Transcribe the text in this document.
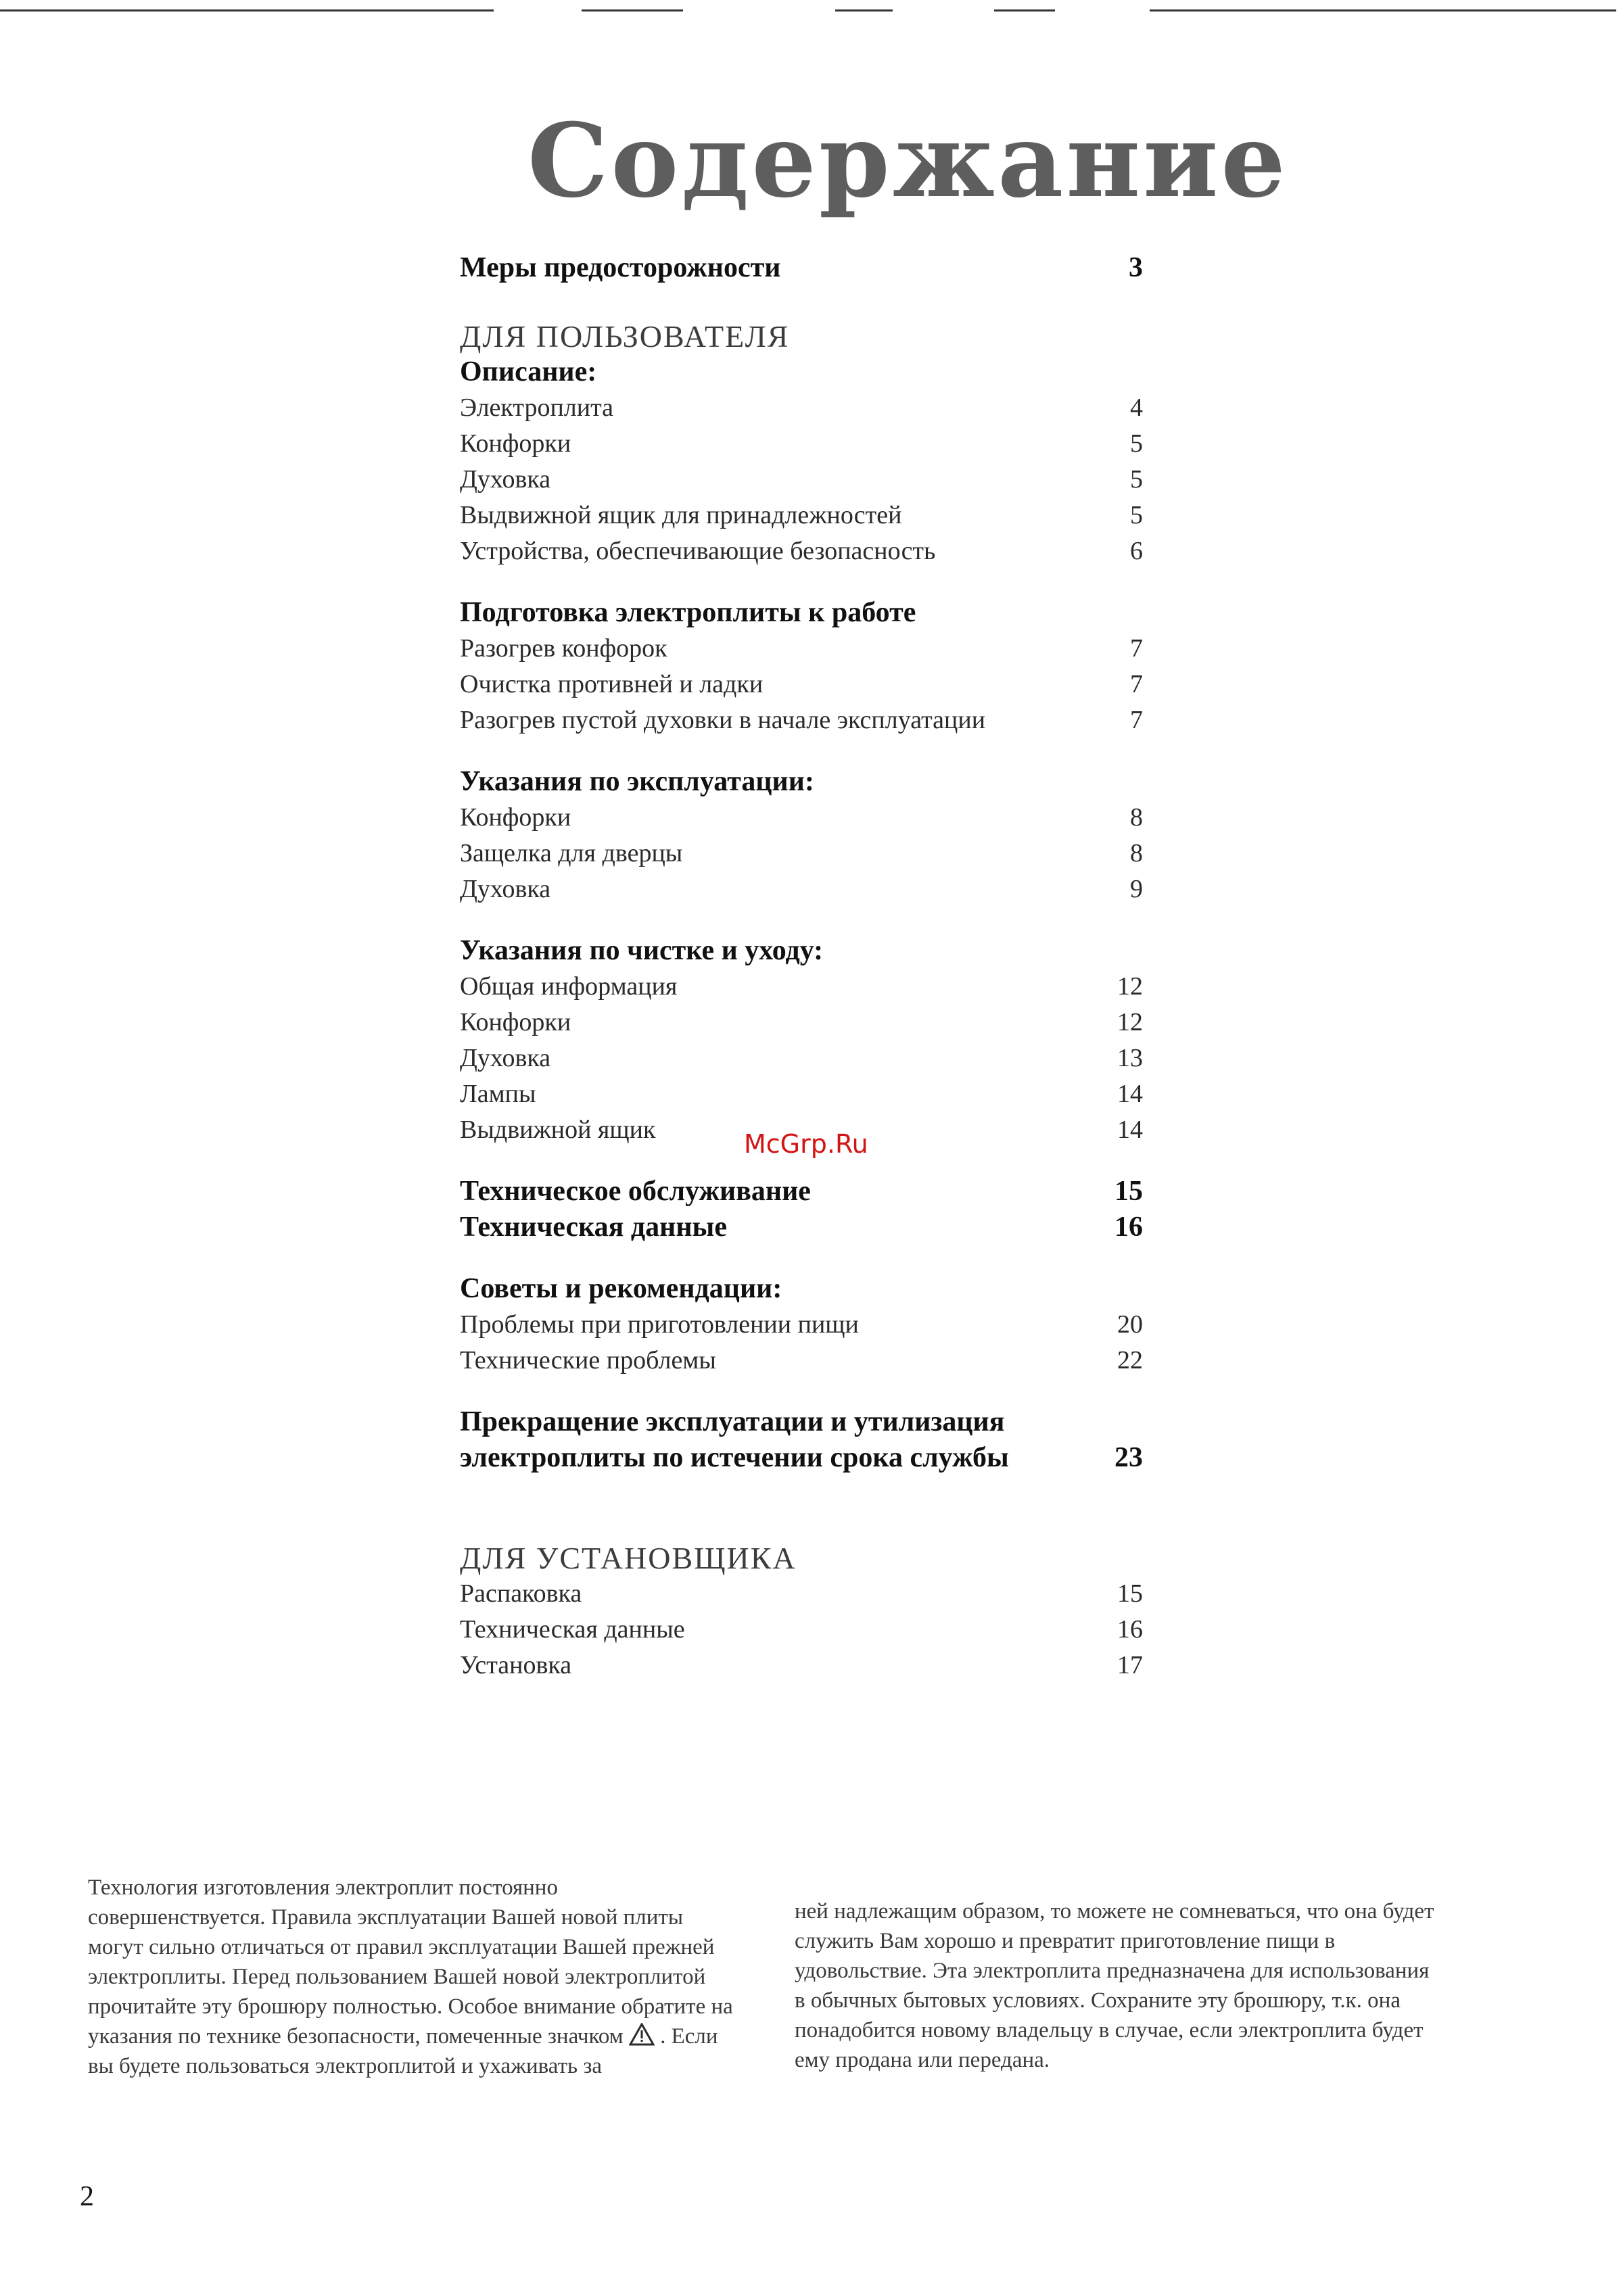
Содержание
Меры предосторожности	3
ДЛЯ ПОЛЬЗОВАТЕЛЯ
Описание:
Электроплита	4
Конфорки	5
Духовка	5
Выдвижной ящик для принадлежностей	5
Устройства, обеспечивающие безопасность	6
Подготовка электроплиты к работе
Разогрев конфорок	7
Очистка противней и ладки	7
Разогрев пустой духовки в начале эксплуатации	7
Указания по эксплуатации:
Конфорки	8
Защелка для дверцы	8
Духовка	9
Указания по чистке и уходу:
Общая информация	12
Конфорки	12
Духовка	13
Лампы	14
Выдвижной ящик	14
Техническое обслуживание	15
Техническая данные	16
Советы и рекомендации:
Проблемы при приготовлении пищи	20
Технические проблемы	22
Прекращение эксплуатации и утилизация
электроплиты по истечении срока службы	23
ДЛЯ УСТАНОВЩИКА
Распаковка	15
Техническая данные	16
Установка	17
McGrp.Ru

Технология изготовления электроплит постоянно совершенствуется. Правила эксплуатации Вашей новой плиты могут сильно отличаться от правил эксплуатации Вашей прежней электроплиты. Перед пользованием Вашей новой электроплитой прочитайте эту брошюру полностью. Особое внимание обратите на указания по технике безопасности, помеченные значком . Если вы будете пользоваться электроплитой и ухаживать за

ней надлежащим образом, то можете не сомневаться, что она будет служить Вам хорошо и превратит приготовление пищи в удовольствие. Эта электроплита предназначена для использования в обычных бытовых условиях. Сохраните эту брошюру, т.к. она понадобится новому владельцу в случае, если электроплита будет ему продана или передана.

2
